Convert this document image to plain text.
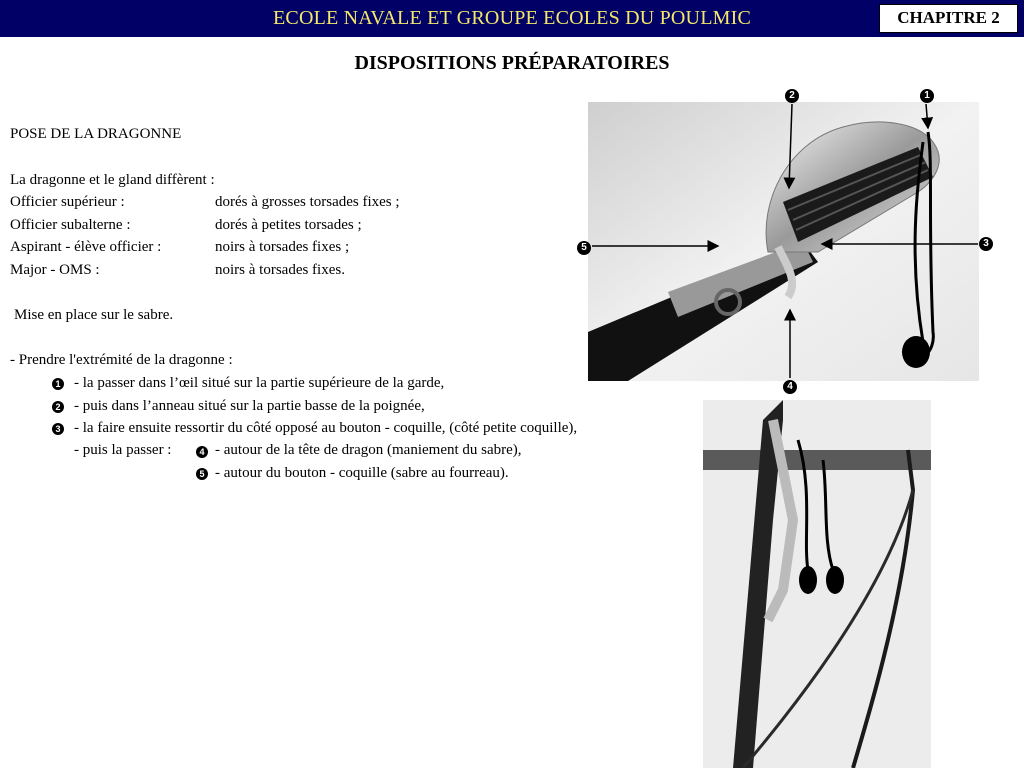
ECOLE NAVALE ET GROUPE ECOLES DU POULMIC	CHAPITRE 2
DISPOSITIONS PRÉPARATOIRES
POSE DE LA DRAGONNE
La dragonne et le gland diffèrent :
Officier supérieur :	dorés à grosses torsades fixes ;
Officier subalterne :	dorés à petites torsades ;
Aspirant - élève officier :	noirs à torsades fixes ;
Major - OMS :	noirs à torsades fixes.
Mise en place sur le sabre.
- Prendre l'extrémité de la dragonne :
1 - la passer dans l’œil situé sur la partie supérieure de la garde,
2 - puis dans l’anneau situé sur la partie basse de la poignée,
3 - la faire ensuite ressortir du côté opposé au bouton - coquille, (côté petite coquille),
- puis la passer :	4 - autour de la tête de dragon (maniement du sabre),
5 - autour du bouton - coquille (sabre au fourreau).
1
2
3
4
5
